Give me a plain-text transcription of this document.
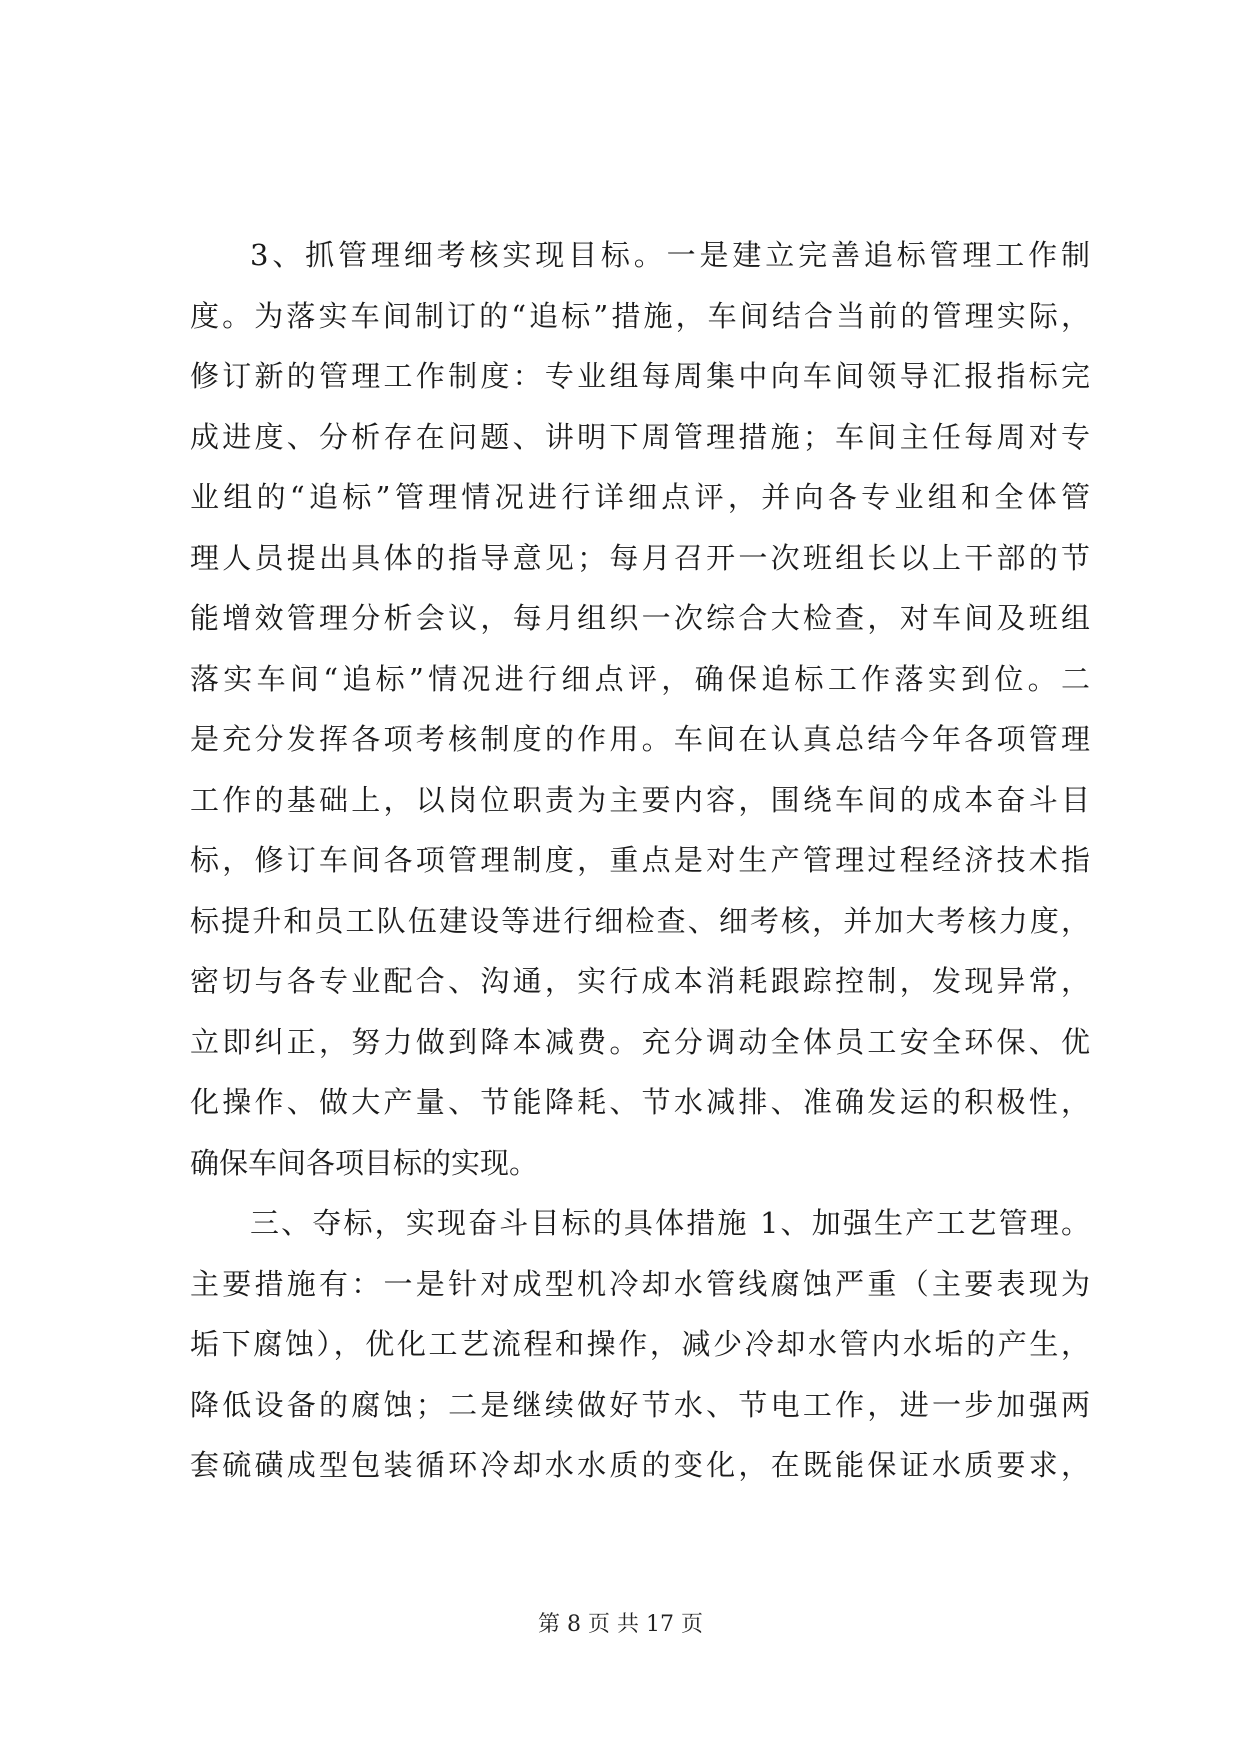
3、抓管理细考核实现目标。一是建立完善追标管理工作制
度。为落实车间制订的“追标”措施，车间结合当前的管理实际，
修订新的管理工作制度：专业组每周集中向车间领导汇报指标完
成进度、分析存在问题、讲明下周管理措施；车间主任每周对专
业组的“追标”管理情况进行详细点评，并向各专业组和全体管
理人员提出具体的指导意见；每月召开一次班组长以上干部的节
能增效管理分析会议，每月组织一次综合大检查，对车间及班组
落实车间“追标”情况进行细点评，确保追标工作落实到位。二
是充分发挥各项考核制度的作用。车间在认真总结今年各项管理
工作的基础上，以岗位职责为主要内容，围绕车间的成本奋斗目
标，修订车间各项管理制度，重点是对生产管理过程经济技术指
标提升和员工队伍建设等进行细检查、细考核，并加大考核力度，
密切与各专业配合、沟通，实行成本消耗跟踪控制，发现异常，
立即纠正，努力做到降本减费。充分调动全体员工安全环保、优
化操作、做大产量、节能降耗、节水减排、准确发运的积极性，
确保车间各项目标的实现。
三、夺标，实现奋斗目标的具体措施 1、加强生产工艺管理。
主要措施有：一是针对成型机冷却水管线腐蚀严重（主要表现为
垢下腐蚀），优化工艺流程和操作，减少冷却水管内水垢的产生，
降低设备的腐蚀；二是继续做好节水、节电工作，进一步加强两
套硫磺成型包装循环冷却水水质的变化，在既能保证水质要求，
第 8 页 共 17 页
